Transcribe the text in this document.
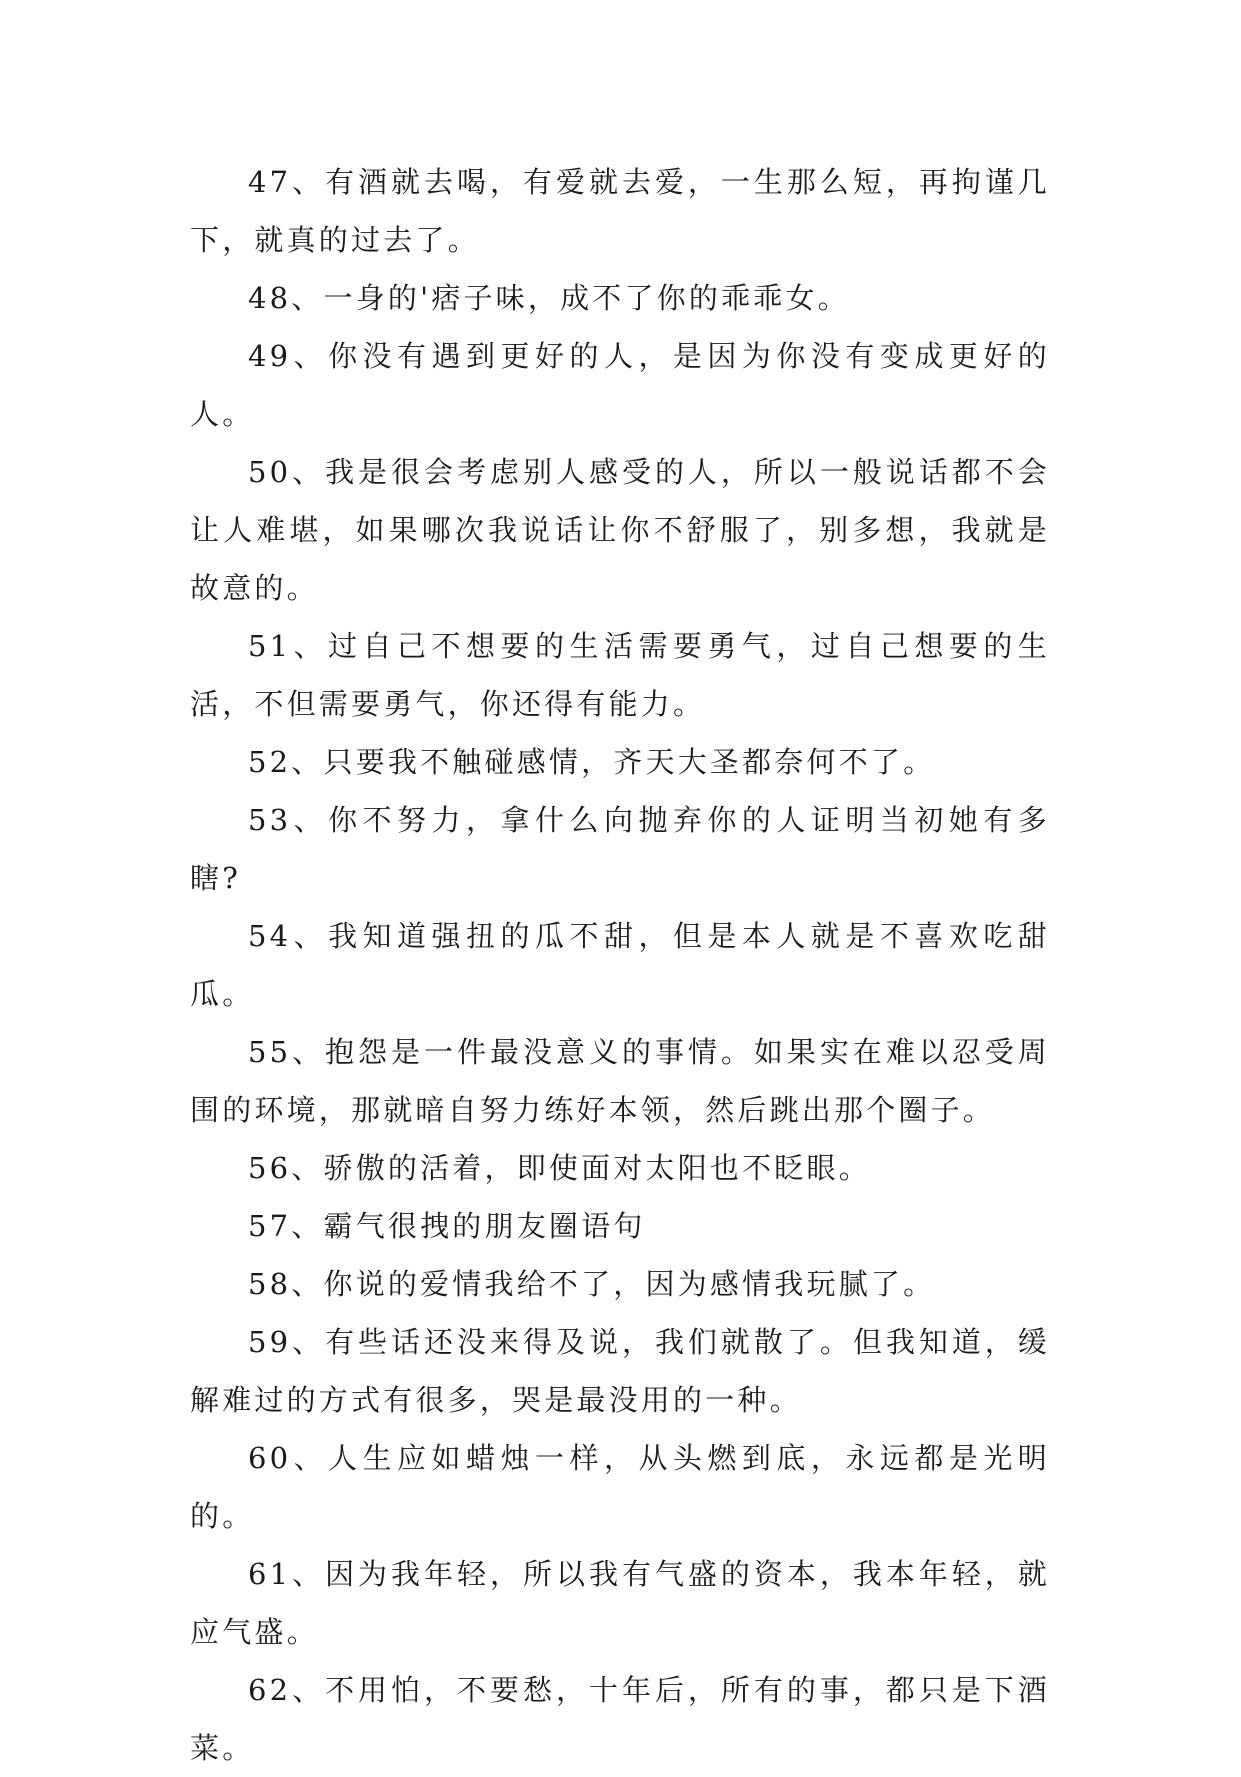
47、有酒就去喝，有爱就去爱，一生那么短，再拘谨几下，就真的过去了。

48、一身的'痞子味，成不了你的乖乖女。

49、你没有遇到更好的人，是因为你没有变成更好的人。

50、我是很会考虑别人感受的人，所以一般说话都不会让人难堪，如果哪次我说话让你不舒服了，别多想，我就是故意的。

51、过自己不想要的生活需要勇气，过自己想要的生活，不但需要勇气，你还得有能力。

52、只要我不触碰感情，齐天大圣都奈何不了。

53、你不努力，拿什么向抛弃你的人证明当初她有多瞎?

54、我知道强扭的瓜不甜，但是本人就是不喜欢吃甜瓜。

55、抱怨是一件最没意义的事情。如果实在难以忍受周围的环境，那就暗自努力练好本领，然后跳出那个圈子。

56、骄傲的活着，即使面对太阳也不眨眼。

57、霸气很拽的朋友圈语句

58、你说的爱情我给不了，因为感情我玩腻了。

59、有些话还没来得及说，我们就散了。但我知道，缓解难过的方式有很多，哭是最没用的一种。

60、人生应如蜡烛一样，从头燃到底，永远都是光明的。

61、因为我年轻，所以我有气盛的资本，我本年轻，就应气盛。

62、不用怕，不要愁，十年后，所有的事，都只是下酒菜。
